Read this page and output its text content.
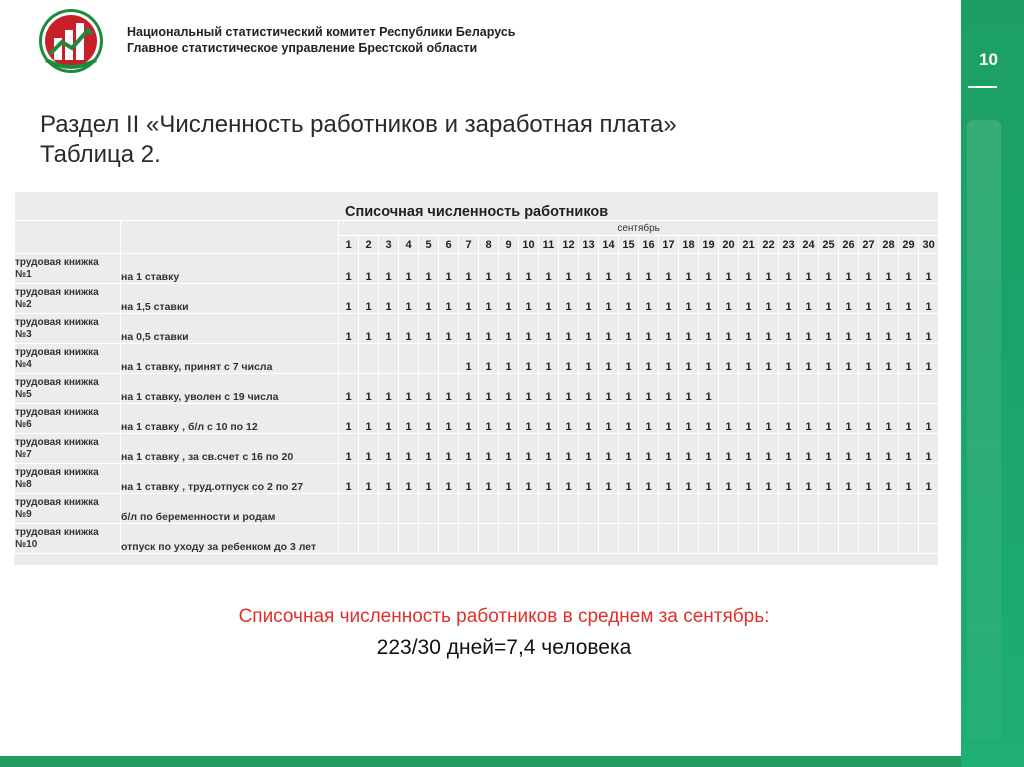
Национальный статистический комитет Республики Беларусь
Главное статистическое управление Брестской области
10
Раздел II «Численность работников и заработная плата»
Таблица 2.
Списочная численность работников																															
		сентябрь																													
		1	2	3	4	5	6	7	8	9	10	11	12	13	14	15	16	17	18	19	20	21	22	23	24	25	26	27	28	29	30

трудовая книжка
№1	на 1 ставку	1	1	1	1	1	1	1	1	1	1	1	1	1	1	1	1	1	1	1	1	1	1	1	1	1	1	1	1	1	1

трудовая книжка
№2	на 1,5 ставки	1	1	1	1	1	1	1	1	1	1	1	1	1	1	1	1	1	1	1	1	1	1	1	1	1	1	1	1	1	1

трудовая книжка
№3	на 0,5 ставки	1	1	1	1	1	1	1	1	1	1	1	1	1	1	1	1	1	1	1	1	1	1	1	1	1	1	1	1	1	1

трудовая книжка
№4	на 1 ставку, принят с 7 числа							1	1	1	1	1	1	1	1	1	1	1	1	1	1	1	1	1	1	1	1	1	1	1	1

трудовая книжка
№5	на 1 ставку, уволен с 19 числа	1	1	1	1	1	1	1	1	1	1	1	1	1	1	1	1	1	1	1											

трудовая книжка
№6	на 1 ставку , б/л с 10 по 12	1	1	1	1	1	1	1	1	1	1	1	1	1	1	1	1	1	1	1	1	1	1	1	1	1	1	1	1	1	1

трудовая книжка
№7	на 1 ставку , за св.счет с 16 по 20	1	1	1	1	1	1	1	1	1	1	1	1	1	1	1	1	1	1	1	1	1	1	1	1	1	1	1	1	1	1

трудовая книжка
№8	на 1 ставку , труд.отпуск со 2 по 27	1	1	1	1	1	1	1	1	1	1	1	1	1	1	1	1	1	1	1	1	1	1	1	1	1	1	1	1	1	1

трудовая книжка
№9	б/л по беременности и родам																														

трудовая книжка
№10	отпуск по уходу за ребенком до 3 лет																														
Списочная численность работников в среднем за сентябрь:
223/30 дней=7,4 человека
